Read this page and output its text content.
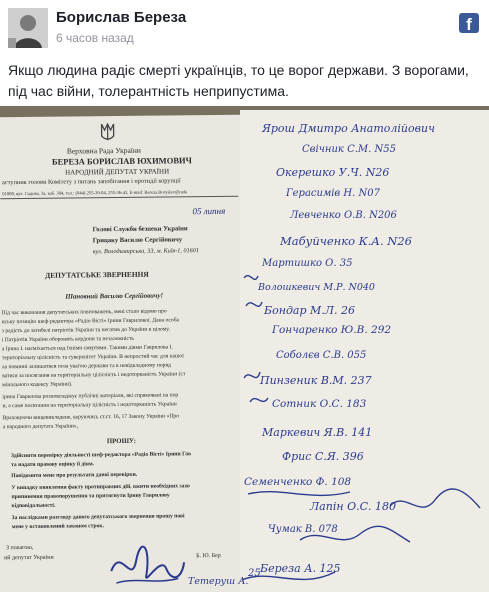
Борислав Береза
6 часов назад
f
Якщо людина радіє смерті українців, то це ворог держави. З ворогами, під час війни, толерантність неприпустима.
Верховна Рада України
БЕРЕЗА БОРИСЛАВ ЮХИМОВИЧ
НАРОДНИЙ ДЕПУТАТ УКРАЇНИ
аступник голови Комітету з питань запобігання і протидії корупції
01008, вул. Садова, 3а, каб. 304, тел.: (044) 255-39-04, 255-36-43, E-mail: Bereza.Boryslav@rada
05 липня
Голові Служби безпеки України
Грицаку Василю Сергійовичу
вул. Володимирська, 33, м. Київ-1, 01601
ДЕПУТАТСЬКЕ ЗВЕРНЕННЯ
Шановний Василю Сергійовичу!
Під час виконання депутатських повноважень, мені стало відомо про
иську позицію шеф-редактора «Радіо Вісті» Ірини Гаврилової. Дана особа
з радість до загибелі патріотів України та негатив до України в цілому.
і Патріотів України оборонять кордони та незалежність
а Ірина І. насміхається над їхніми смертями. Такими діями Гаврилова І.
територіальну цілісність та суверенітет України. В непростий час для нашої
аа повинні залишатися поза увагою держави та в невідкладному поряд
ватися за посягання на територіальну цілісність і недоторканість України (ст
мінального кодексу України).
ірина Гаврилова розповсюджує публічні матеріали, які спрямовані на пор
и, а саме посягання на територіальну цілісність і недоторканість України
Враховуючи вищевикладене, керуючись ст.ст. 16, 17 Закону України «Про
а народного депутата України»,
ПРОШУ:
Здійснити перевірку діяльності шеф-редактора «Радіо Вісті» Ірини Гав
та надати правову оцінку її діям.
Повідомити мене про результати даної перевірки.
У випадку виявлення факту протиправних дій, вжити необхідних захо
припинення правопорушення та притягнути Ірину Гаврилову
відповідальності.
За наслідками розгляду даного депутатського звернення прошу пові
мене у встановлений законом строк.
З повагою,
ий депутат України	Б. Ю. Бер
Ярош Дмитро Анатолійович
Свічник С.М. N55
Окерешко У.Ч. N26
Герасимів Н. N07
Левченко О.В. N206
Мабуйченко К.А. N26
Мартишко О. 35
Волошкевич М.Р. N040
Бондар М.Л. 26
Гончаренко Ю.В. 292
Соболєв С.В. 055
Пинзеник В.М. 237
Сотник О.С. 183
Маркевич Я.В. 141
Фрис С.Я. 396
Семенченко Ф. 108
Лапін О.С. 180
Чумак В. 078
Береза А. 125
Тетеруш А.
25
